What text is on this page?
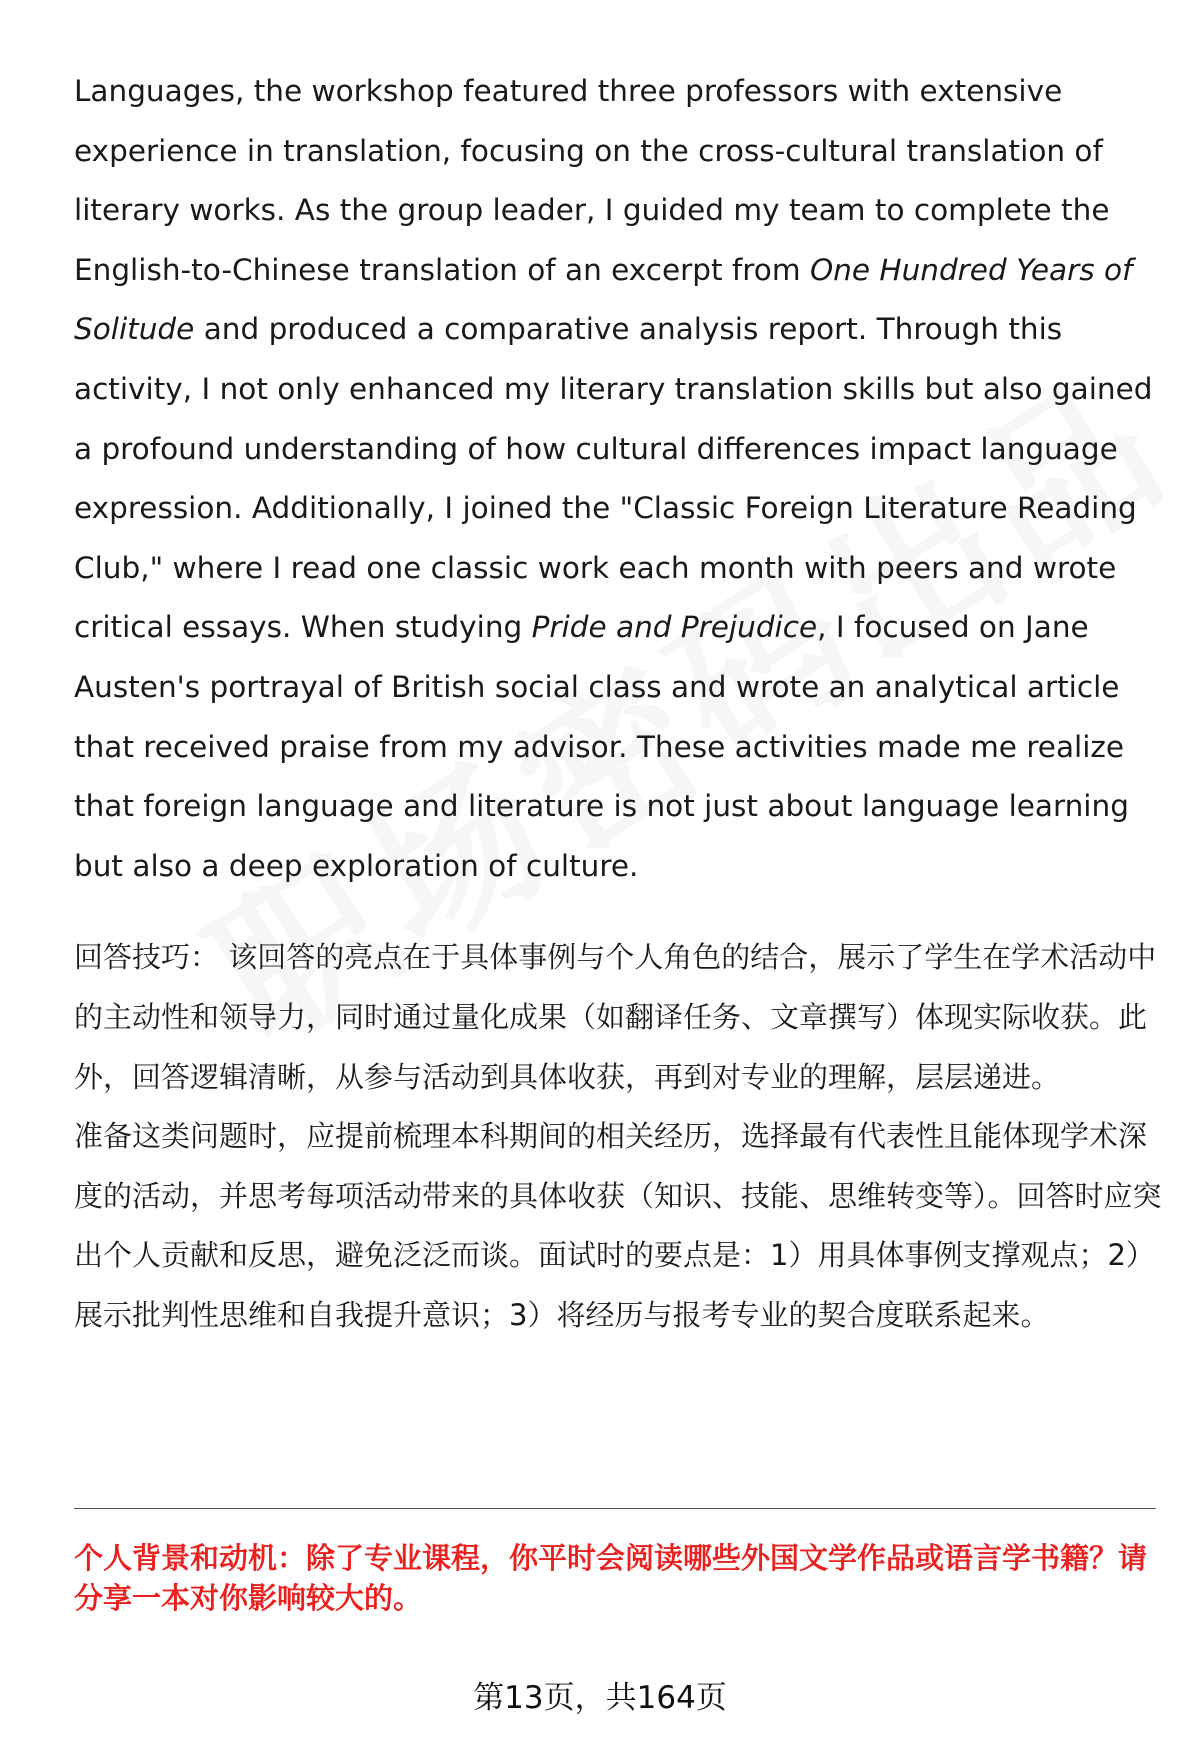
Languages, the workshop featured three professors with extensive experience in translation, focusing on the cross-cultural translation of literary works. As the group leader, I guided my team to complete the English-to-Chinese translation of an excerpt from One Hundred Years of Solitude and produced a comparative analysis report. Through this activity, I not only enhanced my literary translation skills but also gained a profound understanding of how cultural differences impact language expression. Additionally, I joined the "Classic Foreign Literature Reading Club," where I read one classic work each month with peers and wrote critical essays. When studying Pride and Prejudice, I focused on Jane Austen's portrayal of British social class and wrote an analytical article that received praise from my advisor. These activities made me realize that foreign language and literature is not just about language learning but also a deep exploration of culture.

回答技巧： 该回答的亮点在于具体事例与个人角色的结合，展示了学生在学术活动中的主动性和领导力，同时通过量化成果（如翻译任务、文章撰写）体现实际收获。此外，回答逻辑清晰，从参与活动到具体收获，再到对专业的理解，层层递进。

准备这类问题时，应提前梳理本科期间的相关经历，选择最有代表性且能体现学术深度的活动，并思考每项活动带来的具体收获（知识、技能、思维转变等）。回答时应突出个人贡献和反思，避免泛泛而谈。面试时的要点是：1）用具体事例支撑观点；2）展示批判性思维和自我提升意识；3）将经历与报考专业的契合度联系起来。

个人背景和动机：除了专业课程，你平时会阅读哪些外国文学作品或语言学书籍？请分享一本对你影响较大的。

第13页，共164页
